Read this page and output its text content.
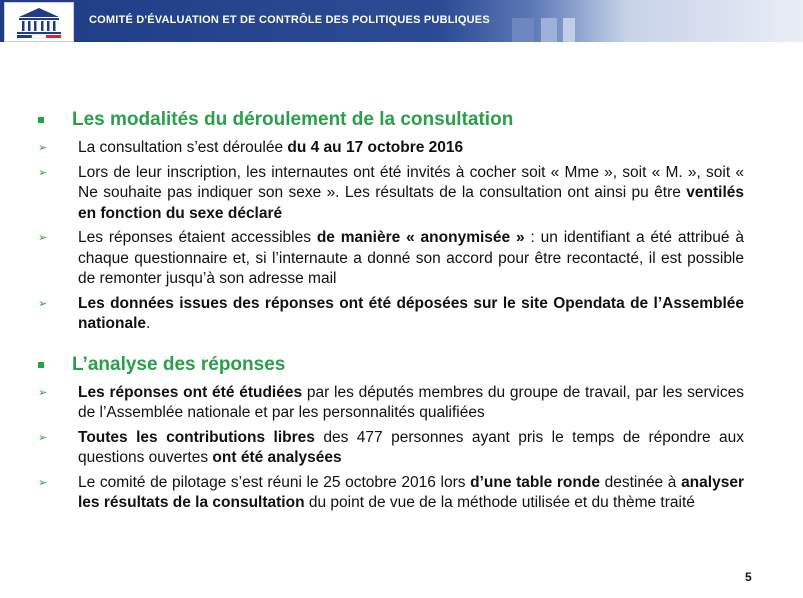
COMITÉ D'ÉVALUATION ET DE CONTRÔLE DES POLITIQUES PUBLIQUES
Les modalités du déroulement de la consultation
➢ La consultation s’est déroulée du 4 au 17 octobre 2016
➢ Lors de leur inscription, les internautes ont été invités à cocher soit « Mme », soit « M. », soit « Ne souhaite pas indiquer son sexe ». Les résultats de la consultation ont ainsi pu être ventilés en fonction du sexe déclaré
➢ Les réponses étaient accessibles de manière « anonymisée » : un identifiant a été attribué à chaque questionnaire et, si l’internaute a donné son accord pour être recontacté, il est possible de remonter jusqu’à son adresse mail
➢ Les données issues des réponses ont été déposées sur le site Opendata de l’Assemblée nationale.
L’analyse des réponses
➢ Les réponses ont été étudiées par les députés membres du groupe de travail, par les services de l’Assemblée nationale et par les personnalités qualifiées
➢ Toutes les contributions libres des 477 personnes ayant pris le temps de répondre aux questions ouvertes ont été analysées
➢ Le comité de pilotage s’est réuni le 25 octobre 2016 lors d’une table ronde destinée à analyser les résultats de la consultation du point de vue de la méthode utilisée et du thème traité
5
